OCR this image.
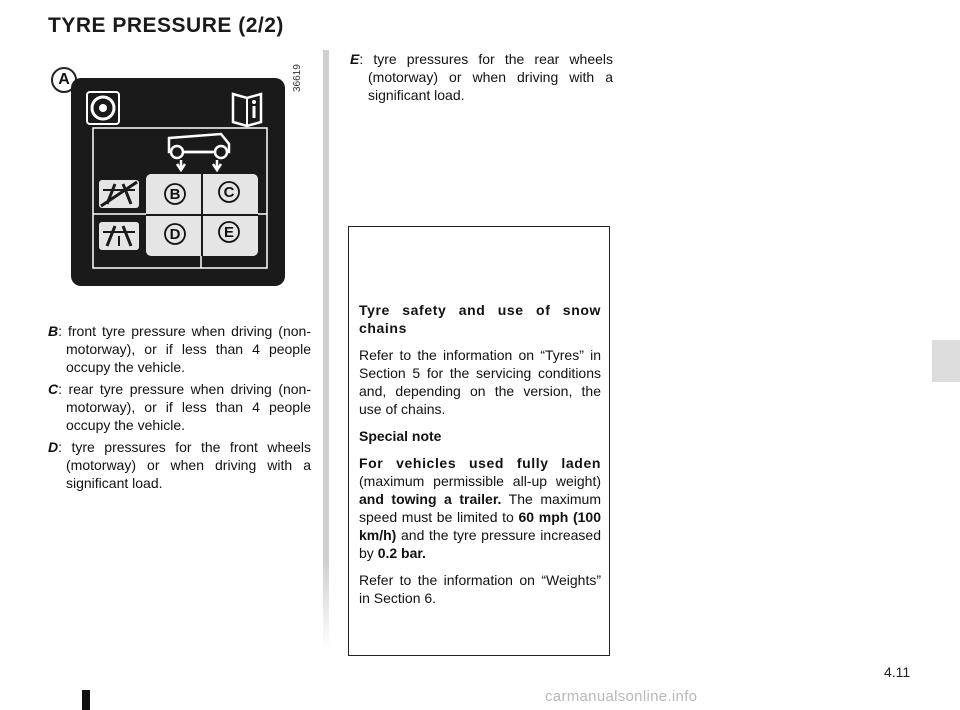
TYRE PRESSURE (2/2)
A	36619
B	C
D	E

B: front tyre pressure when driving (non-motorway), or if less than 4 people occupy the vehicle.

C: rear tyre pressure when driving (non-motorway), or if less than 4 people occupy the vehicle.

D: tyre pressures for the front wheels (motorway) or when driving with a significant load.

E: tyre pressures for the rear wheels (motorway) or when driving with a significant load.

Tyre safety and use of snow chains

Refer to the information on “Tyres” in Section 5 for the servicing conditions and, depending on the version, the use of chains.

Special note

For vehicles used fully laden (maximum permissible all-up weight) and towing a trailer. The maximum speed must be limited to 60 mph (100 km/h) and the tyre pressure increased by 0.2 bar.

Refer to the information on “Weights” in Section 6.

4.11
carmanualsonline.info
